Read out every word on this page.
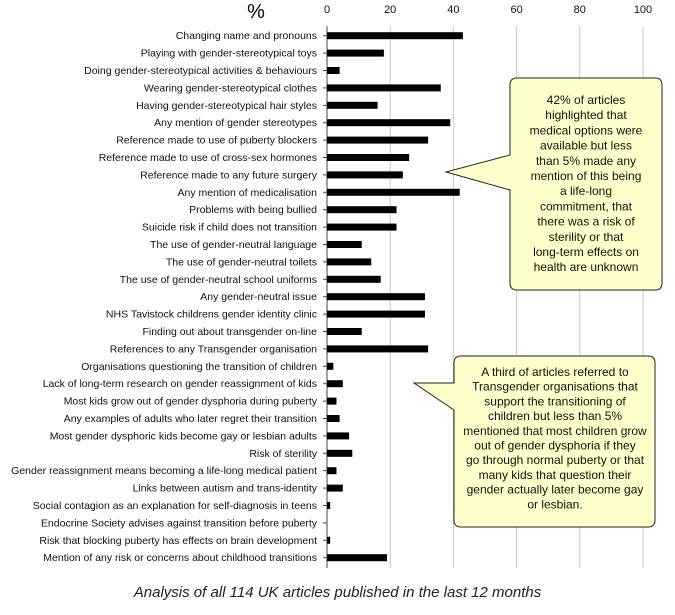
%	0	20	40	60	80	100
Changing name and pronouns
Playing with gender-stereotypical toys
Doing gender-stereotypical activities & behaviours
Wearing gender-stereotypical clothes
Having gender-stereotypical hair styles
Any mention of gender stereotypes
Reference made to use of puberty blockers
Reference made to use of cross-sex hormones
Reference made to any future surgery
Any mention of medicalisation
Problems with being bullied
Suicide risk if child does not transition
The use of gender-neutral language
The use of gender-neutral toilets
The use of gender-neutral school uniforms
Any gender-neutral issue
NHS Tavistock childrens gender identity clinic
Finding out about transgender on-line
References to any Transgender organisation
Organisations questioning the transition of children
Lack of long-term research on gender reassignment of kids
Most kids grow out of gender dysphoria during puberty
Any examples of adults who later regret their transition
Most gender dysphoric kids become gay or lesbian adults
Risk of sterility
Gender reassignment means becoming a life-long medical patient
Links between autism and trans-identity
Social contagion as an explanation for self-diagnosis in teens
Endocrine Society advises against transition before puberty
Risk that blocking puberty has effects on brain development
Mention of any risk or concerns about childhood transitions
42% of articles highlighted that medical options were available but less than 5% made any mention of this being a life-long commitment, that there was a risk of sterility or that long-term effects on health are unknown
A third of articles referred to Transgender organisations that support the transitioning of children but less than 5% mentioned that most children grow out of gender dysphoria if they go through normal puberty or that many kids that question their gender actually later become gay or lesbian.
Analysis of all 114 UK articles published in the last 12 months
